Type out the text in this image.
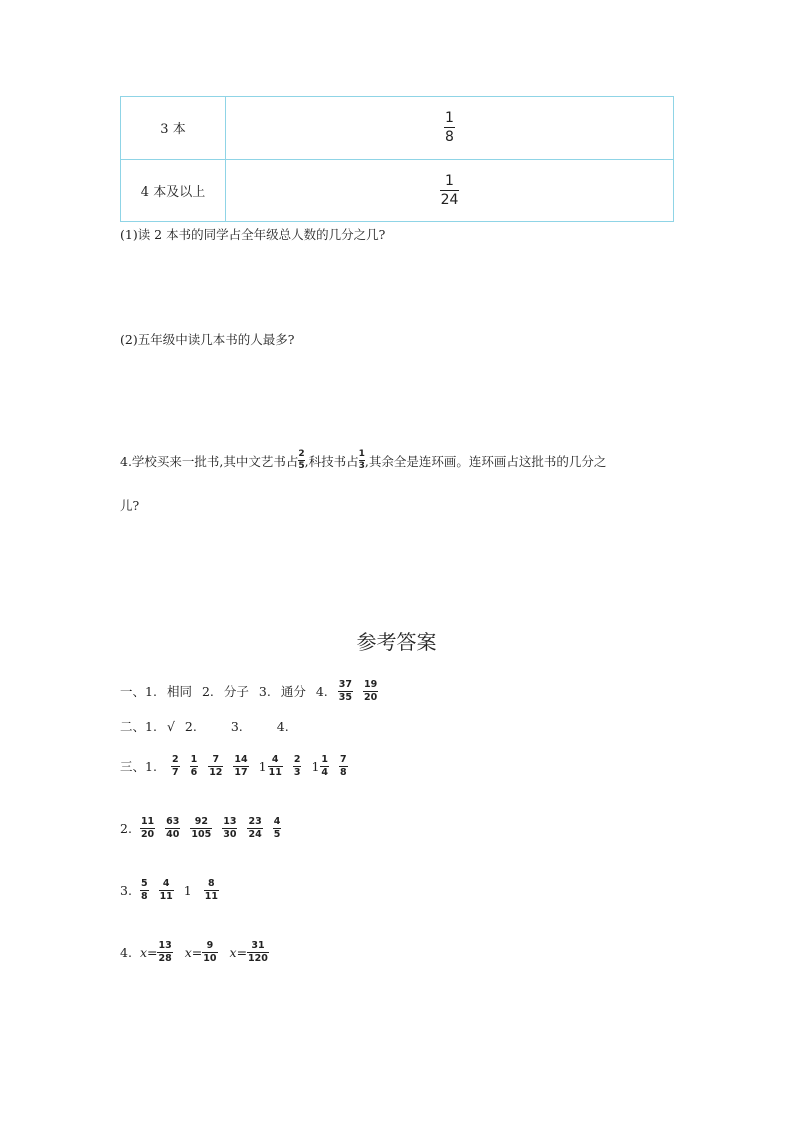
3 本	$\frac{1}{8}$

4 本及以上	$\frac{1}{24}$
(1)读 2 本书的同学占全年级总人数的几分之几?
(2)五年级中读几本书的人最多?
4.学校买来一批书,其中文艺书占 $\frac{2}{5}$ ,科技书占 $\frac{1}{3}$ ,其余全是连环画。连环画占这批书的几分之
儿?
参考答案
一、1. 相同 2. 分子 3. 通分 4. $\frac{37}{35} \frac{19}{20}$
二、1. √ 2.	3.	4.
三、1. $\frac{2}{7} \frac{1}{6} \frac{7}{12} \frac{14}{17} 1 \frac{4}{11} \frac{2}{3} 1 \frac{1}{4} \frac{7}{8}$
2. $\frac{11}{20} \frac{63}{40} \frac{92}{105} \frac{13}{30} \frac{23}{24} \frac{4}{5}$
3. $\frac{5}{8} \frac{4}{11} 1 \frac{8}{11}$
4. $x = \frac{13}{28}$ $x = \frac{9}{10}$ $x = \frac{31}{120}$
